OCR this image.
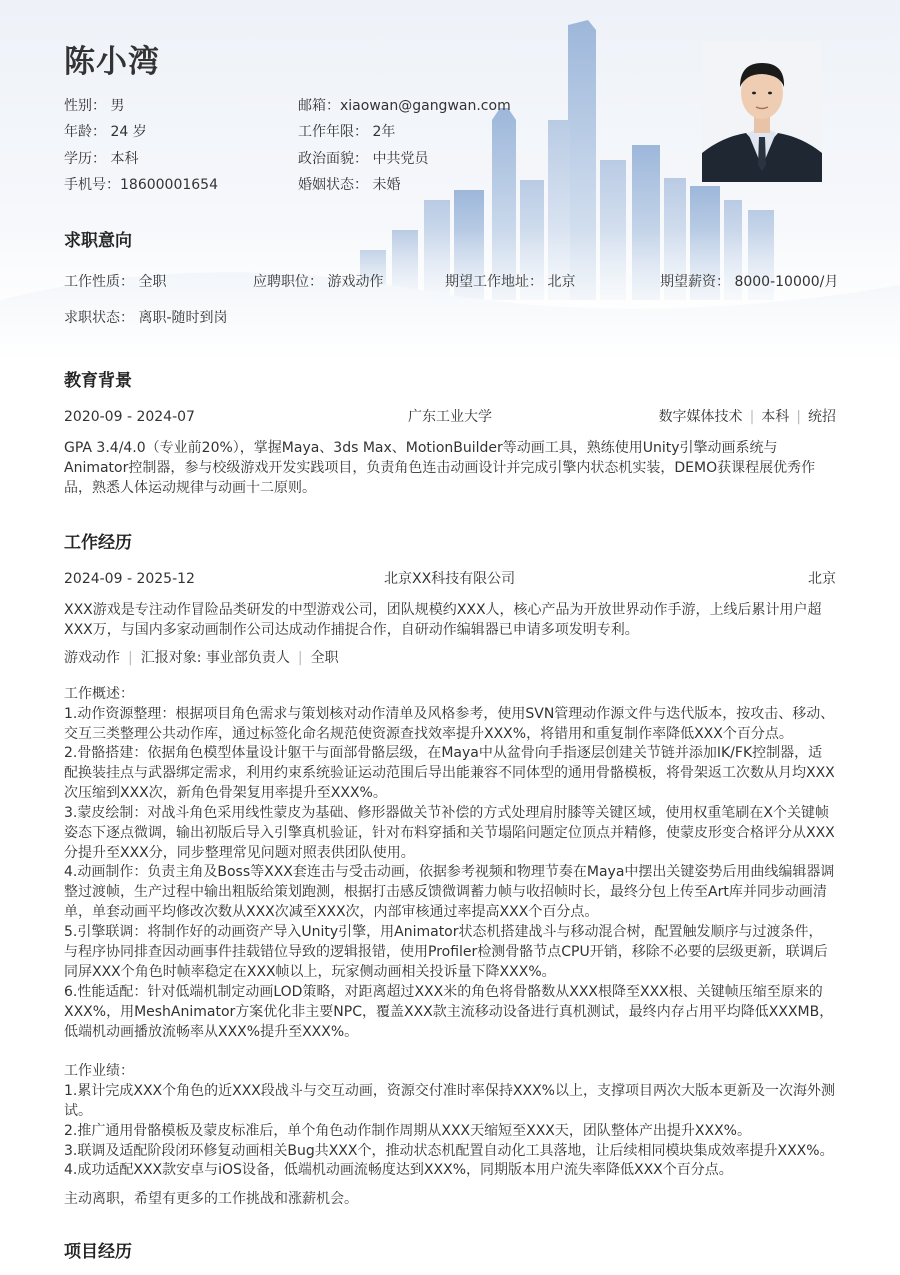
陈小湾
性别： 男
年龄： 24 岁
学历： 本科
手机号：18600001654
邮箱：xiaowan@gangwan.com
工作年限： 2年
政治面貌： 中共党员
婚姻状态： 未婚
求职意向
工作性质： 全职	应聘职位： 游戏动作	期望工作地址： 北京	期望薪资： 8000-10000/月
求职状态： 离职-随时到岗
教育背景
2020-09 - 2024-07	广东工业大学	数字媒体技术 | 本科 | 统招

GPA 3.4/4.0（专业前20%），掌握Maya、3ds Max、MotionBuilder等动画工具，熟练使用Unity引擎动画系统与Animator控制器，参与校级游戏开发实践项目，负责角色连击动画设计并完成引擎内状态机实装，DEMO获课程展优秀作品，熟悉人体运动规律与动画十二原则。

工作经历
2024-09 - 2025-12	北京XX科技有限公司	北京

XXX游戏是专注动作冒险品类研发的中型游戏公司，团队规模约XXX人，核心产品为开放世界动作手游，上线后累计用户超XXX万，与国内多家动画制作公司达成动作捕捉合作，自研动作编辑器已申请多项发明专利。

游戏动作 | 汇报对象: 事业部负责人 | 全职

工作概述：

1.动作资源整理：根据项目角色需求与策划核对动作清单及风格参考，使用SVN管理动作源文件与迭代版本，按攻击、移动、交互三类整理公共动作库，通过标签化命名规范使资源查找效率提升XXX%，将错用和重复制作率降低XXX个百分点。

2.骨骼搭建：依据角色模型体量设计躯干与面部骨骼层级，在Maya中从盆骨向手指逐层创建关节链并添加IK/FK控制器，适配换装挂点与武器绑定需求，利用约束系统验证运动范围后导出能兼容不同体型的通用骨骼模板，将骨架返工次数从月均XXX次压缩到XXX次，新角色骨架复用率提升至XXX%。

3.蒙皮绘制：对战斗角色采用线性蒙皮为基础、修形器做关节补偿的方式处理肩肘膝等关键区域，使用权重笔刷在X个关键帧姿态下逐点微调，输出初版后导入引擎真机验证，针对布料穿插和关节塌陷问题定位顶点并精修，使蒙皮形变合格评分从XXX分提升至XXX分，同步整理常见问题对照表供团队使用。

4.动画制作：负责主角及Boss等XXX套连击与受击动画，依据参考视频和物理节奏在Maya中摆出关键姿势后用曲线编辑器调整过渡帧，生产过程中输出粗版给策划跑测，根据打击感反馈微调蓄力帧与收招帧时长，最终分包上传至Art库并同步动画清单，单套动画平均修改次数从XXX次减至XXX次，内部审核通过率提高XXX个百分点。

5.引擎联调：将制作好的动画资产导入Unity引擎，用Animator状态机搭建战斗与移动混合树，配置触发顺序与过渡条件，与程序协同排查因动画事件挂载错位导致的逻辑报错，使用Profiler检测骨骼节点CPU开销，移除不必要的层级更新，联调后同屏XXX个角色时帧率稳定在XXX帧以上，玩家侧动画相关投诉量下降XXX%。

6.性能适配：针对低端机制定动画LOD策略，对距离超过XXX米的角色将骨骼数从XXX根降至XXX根、关键帧压缩至原来的XXX%，用MeshAnimator方案优化非主要NPC，覆盖XXX款主流移动设备进行真机测试，最终内存占用平均降低XXXMB，低端机动画播放流畅率从XXX%提升至XXX%。

工作业绩：

1.累计完成XXX个角色的近XXX段战斗与交互动画，资源交付准时率保持XXX%以上，支撑项目两次大版本更新及一次海外测试。

2.推广通用骨骼模板及蒙皮标准后，单个角色动作制作周期从XXX天缩短至XXX天，团队整体产出提升XXX%。

3.联调及适配阶段闭环修复动画相关Bug共XXX个，推动状态机配置自动化工具落地，让后续相同模块集成效率提升XXX%。

4.成功适配XXX款安卓与iOS设备，低端机动画流畅度达到XXX%，同期版本用户流失率降低XXX个百分点。

主动离职，希望有更多的工作挑战和涨薪机会。

项目经历
